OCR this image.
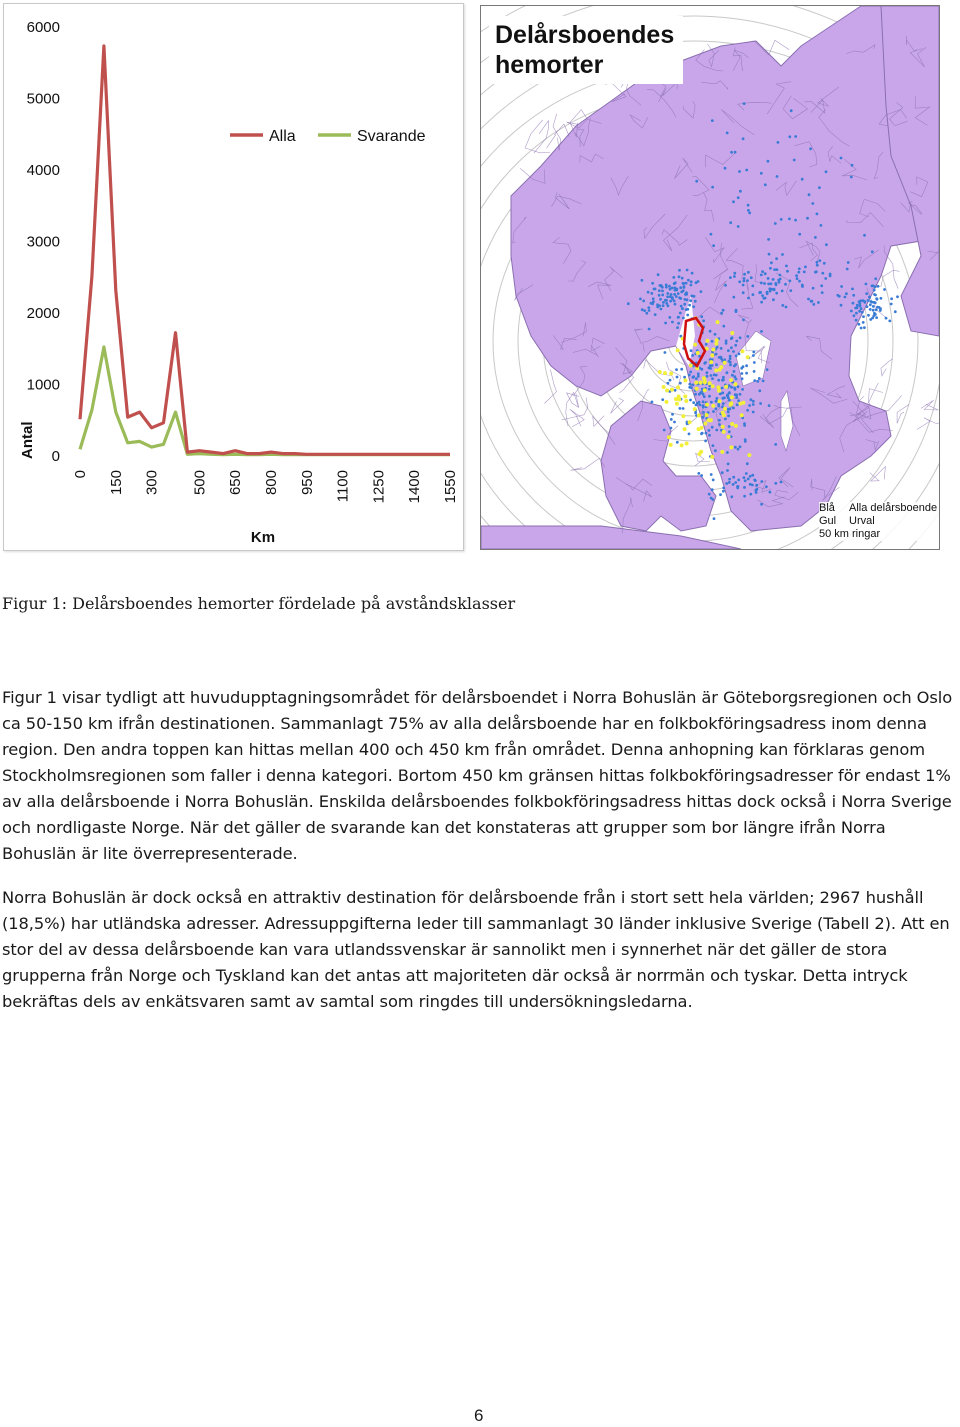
6000
5000
4000
3000
2000
1000
0
0 150 300 500 650 800 950 1100 1250 1400 1550
Alla	Svarande
Antal
Km
Delårsboendes
hemorter
Blå Alla delårsboende
Gul Urval
50 km ringar
Figur 1: Delårsboendes hemorter fördelade på avståndsklasser

Figur 1 visar tydligt att huvudupptagningsområdet för delårsboendet i Norra Bohuslän är Göteborgsregionen och Oslo ca 50-150 km ifrån destinationen. Sammanlagt 75% av alla delårsboende har en folkbokföringsadress inom denna region. Den andra toppen kan hittas mellan 400 och 450 km från området. Denna anhopning kan förklaras genom Stockholmsregionen som faller i denna kategori. Bortom 450 km gränsen hittas folkbokföringsadresser för endast 1% av alla delårsboende i Norra Bohuslän. Enskilda delårsboendes folkbokföringsadress hittas dock också i Norra Sverige och nordligaste Norge. När det gäller de svarande kan det konstateras att grupper som bor längre ifrån Norra Bohuslän är lite överrepresenterade.

Norra Bohuslän är dock också en attraktiv destination för delårsboende från i stort sett hela världen; 2967 hushåll (18,5%) har utländska adresser. Adressuppgifterna leder till sammanlagt 30 länder inklusive Sverige (Tabell 2). Att en stor del av dessa delårsboende kan vara utlandssvenskar är sannolikt men i synnerhet när det gäller de stora grupperna från Norge och Tyskland kan det antas att majoriteten där också är norrmän och tyskar. Detta intryck bekräftas dels av enkätsvaren samt av samtal som ringdes till undersökningsledarna.

6
